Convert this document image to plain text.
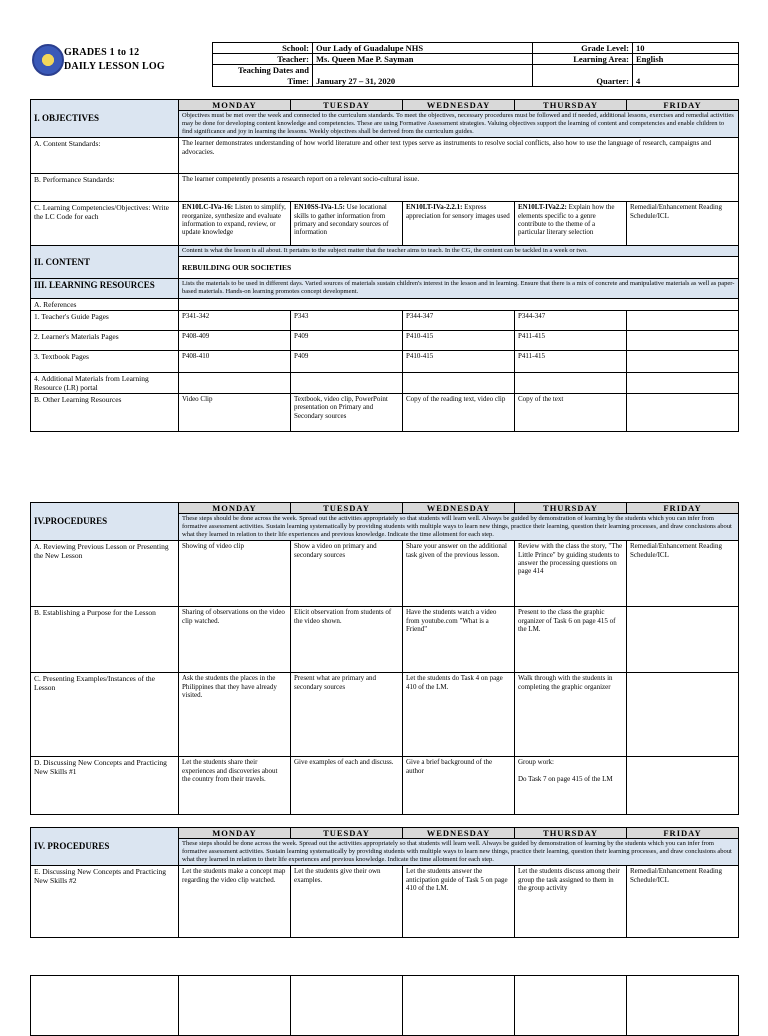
GRADES 1 to 12
DAILY LESSON LOG
School:	Our Lady of Guadalupe NHS	Grade Level:	10
Teacher:	Ms. Queen Mae P. Sayman	Learning Area:	English
Teaching Dates and Time:	January 27 – 31, 2020	Quarter:	4
I. OBJECTIVES	MONDAY	TUESDAY	WEDNESDAY	THURSDAY	FRIDAY
	Objectives must be met over the week and connected to the curriculum standards. To meet the objectives, necessary procedures must be followed and if needed, additional lessons, exercises and remedial activities may be done for developing content knowledge and competencies. These are using Formative Assessment strategies. Valuing objectives support the learning of content and competencies and enable children to find significance and joy in learning the lessons. Weekly objectives shall be derived from the curriculum guides.				
A. Content Standards:	The learner demonstrates understanding of how world literature and other text types serve as instruments to resolve social conflicts, also how to use the language of research, campaigns and advocacies.				
B. Performance Standards:	The learner competently presents a research report on a relevant socio-cultural issue.				
C. Learning Competencies/Objectives: Write the LC Code for each	EN10LC-IVa-16: Listen to simplify, reorganize, synthesize and evaluate information to expand, review, or update knowledge	EN10SS-IVa-1.5: Use locational skills to gather information from primary and secondary sources of information	EN10LT-IVa-2.2.1: Express appreciation for sensory images used	EN10LT-IVa2.2: Explain how the elements specific to a genre contribute to the theme of a particular literary selection	Remedial/Enhancement Reading Schedule/ICL
II. CONTENT	Content is what the lesson is all about. It pertains to the subject matter that the teacher aims to teach. In the CG, the content can be tackled in a week or two.				
	REBUILDING OUR SOCIETIES				
III. LEARNING RESOURCES	Lists the materials to be used in different days. Varied sources of materials sustain children's interest in the lesson and in learning. Ensure that there is a mix of concrete and manipulative materials as well as paper-based materials. Hands-on learning promotes concept development.				
A. References					
1. Teacher's Guide Pages	P341-342	P343	P344-347	P344-347	
2. Learner's Materials Pages	P408-409	P409	P410-415	P411-415	
3. Textbook Pages	P408-410	P409	P410-415	P411-415	
4. Additional Materials from Learning Resource (LR) portal					
B. Other Learning Resources	Video Clip	Textbook, video clip, PowerPoint presentation on Primary and Secondary sources	Copy of the reading text, video clip	Copy of the text	
IV.PROCEDURES	MONDAY	TUESDAY	WEDNESDAY	THURSDAY	FRIDAY
	These steps should be done across the week. Spread out the activities appropriately so that students will learn well. Always be guided by demonstration of learning by the students which you can infer from formative assessment activities. Sustain learning systematically by providing students with multiple ways to learn new things, practice their learning, question their learning processes, and draw conclusions about what they learned in relation to their life experiences and previous knowledge. Indicate the time allotment for each step.				
A. Reviewing Previous Lesson or Presenting the New Lesson	Showing of video clip	Show a video on primary and secondary sources	Share your answer on the additional task given of the previous lesson.	Review with the class the story, "The Little Prince" by guiding students to answer the processing questions on page 414	Remedial/Enhancement Reading Schedule/ICL
B. Establishing a Purpose for the Lesson	Sharing of observations on the video clip watched.	Elicit observation from students of the video shown.	Have the students watch a video from youtube.com "What is a Friend"	Present to the class the graphic organizer of Task 6 on page 415 of the LM.	
C. Presenting Examples/Instances of the Lesson	Ask the students the places in the Philippines that they have already visited.	Present what are primary and secondary sources	Let the students do Task 4 on page 410 of the LM.	Walk through with the students in completing the graphic organizer	
D. Discussing New Concepts and Practicing New Skills #1	Let the students share their experiences and discoveries about the country from their travels.	Give examples of each and discuss.	Give a brief background of the author	Group work:

Do Task 7 on page 415 of the LM	
IV. PROCEDURES	MONDAY	TUESDAY	WEDNESDAY	THURSDAY	FRIDAY
	These steps should be done across the week. Spread out the activities appropriately so that students will learn well. Always be guided by demonstration of learning by the students which you can infer from formative assessment activities. Sustain learning systematically by providing students with multiple ways to learn new things, practice their learning, question their learning processes, and draw conclusions about what they learned in relation to their life experiences and previous knowledge. Indicate the time allotment for each step.				
E. Discussing New Concepts and Practicing New Skills #2	Let the students make a concept map regarding the video clip watched.	Let the students give their own examples.	Let the students answer the anticipation guide of Task 5 on page 410 of the LM.	Let the students discuss among their group the task assigned to them in the group activity	Remedial/Enhancement Reading Schedule/ICL
